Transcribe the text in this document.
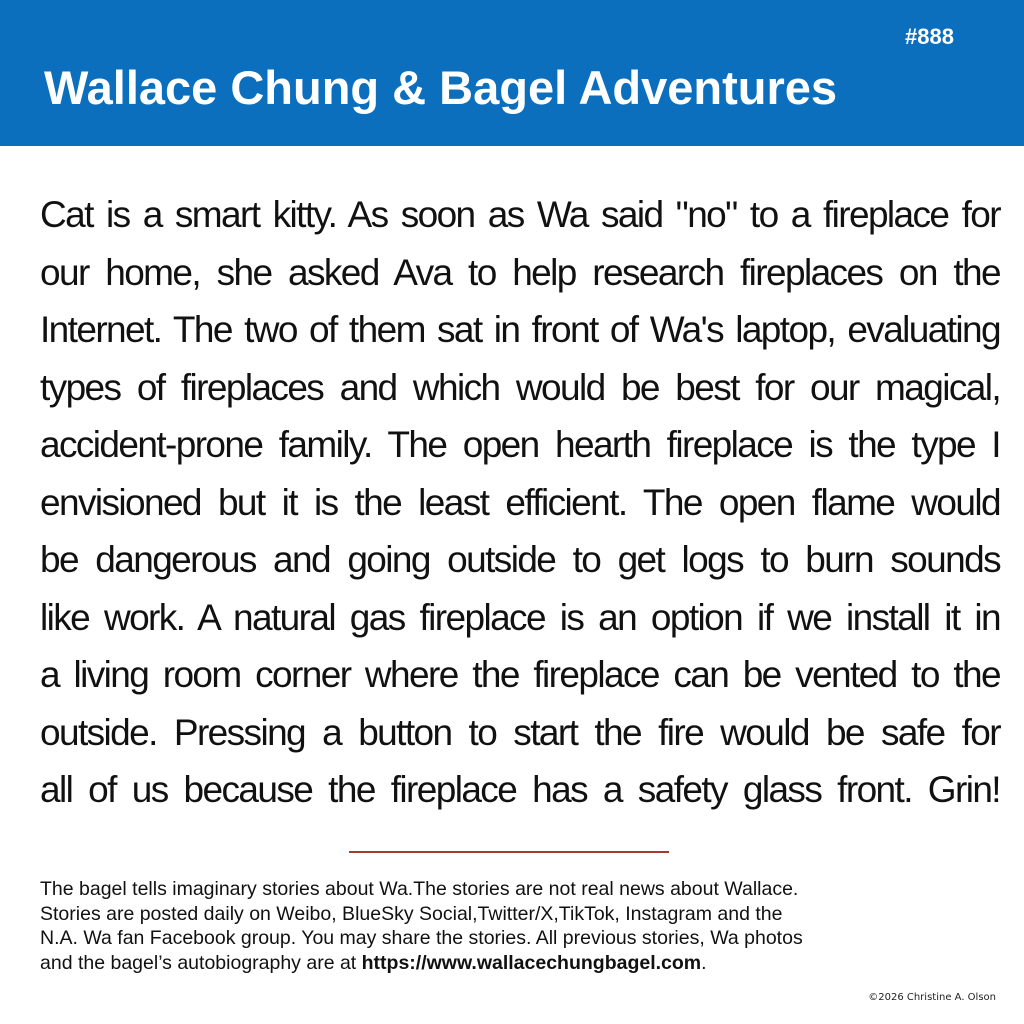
#888
Wallace Chung & Bagel Adventures
Cat is a smart kitty. As soon as Wa said "no" to a fireplace for
our home, she asked Ava to help research fireplaces on the
Internet. The two of them sat in front of Wa's laptop, evaluating
types of fireplaces and which would be best for our magical,
accident-prone family. The open hearth fireplace is the type I
envisioned but it is the least efficient. The open flame would
be dangerous and going outside to get logs to burn sounds
like work. A natural gas fireplace is an option if we install it in
a living room corner where the fireplace can be vented to the
outside. Pressing a button to start the fire would be safe for
all of us because the fireplace has a safety glass front. Grin!
The bagel tells imaginary stories about Wa.The stories are not real news about Wallace.
Stories are posted daily on Weibo, BlueSky Social,Twitter/X,TikTok, Instagram and the
N.A. Wa fan Facebook group. You may share the stories. All previous stories, Wa photos
and the bagel’s autobiography are at https://www.wallacechungbagel.com.
©2026 Christine A. Olson
